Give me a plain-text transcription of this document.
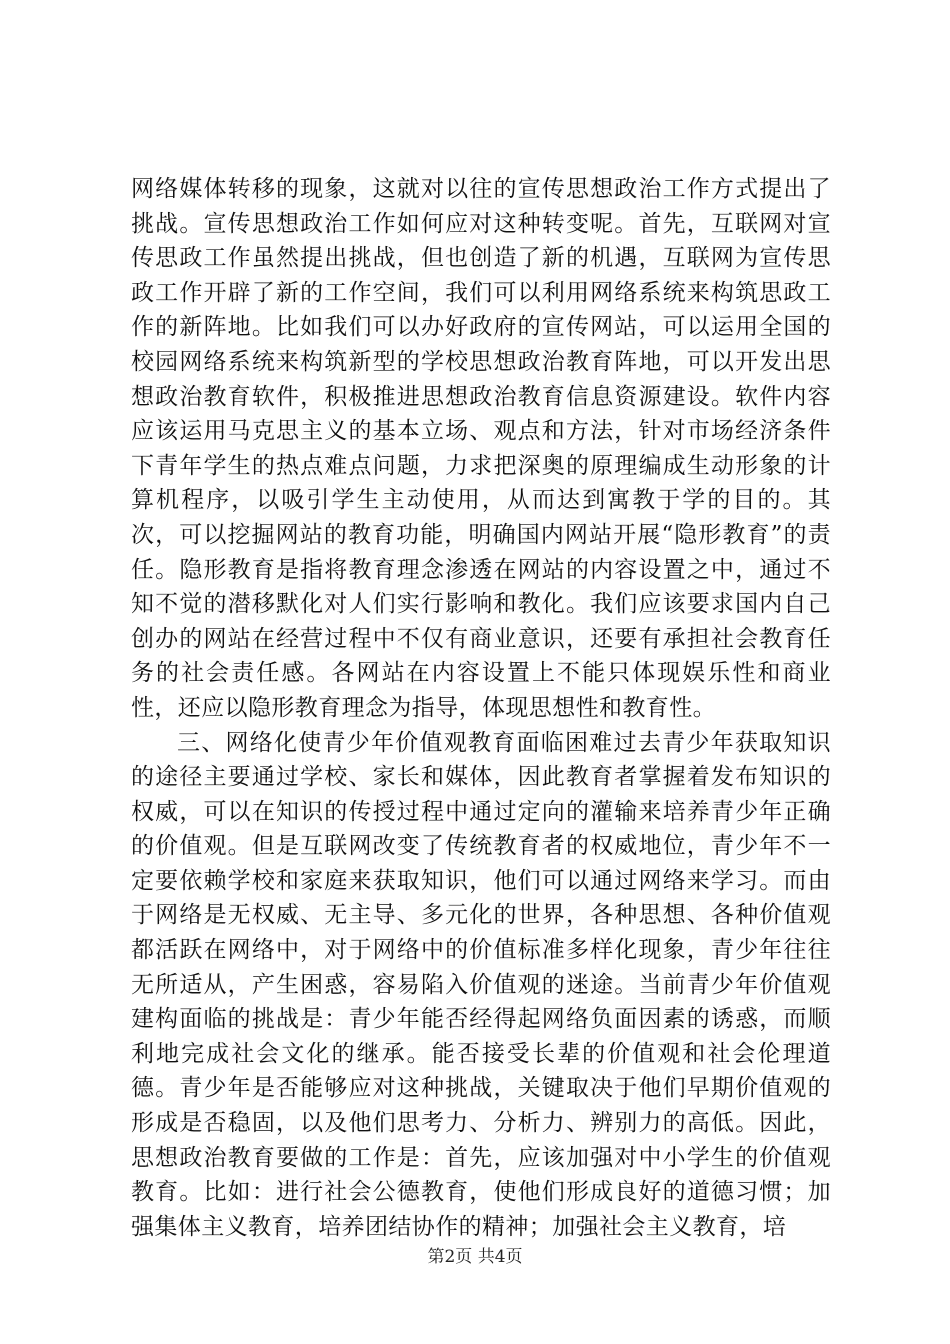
网络媒体转移的现象，这就对以往的宣传思想政治工作方式提出了挑战。宣传思想政治工作如何应对这种转变呢。首先，互联网对宣传思政工作虽然提出挑战，但也创造了新的机遇，互联网为宣传思政工作开辟了新的工作空间，我们可以利用网络系统来构筑思政工作的新阵地。比如我们可以办好政府的宣传网站，可以运用全国的校园网络系统来构筑新型的学校思想政治教育阵地，可以开发出思想政治教育软件，积极推进思想政治教育信息资源建设。软件内容应该运用马克思主义的基本立场、观点和方法，针对市场经济条件下青年学生的热点难点问题，力求把深奥的原理编成生动形象的计算机程序，以吸引学生主动使用，从而达到寓教于学的目的。其次，可以挖掘网站的教育功能，明确国内网站开展“隐形教育”的责任。隐形教育是指将教育理念渗透在网站的内容设置之中，通过不知不觉的潜移默化对人们实行影响和教化。我们应该要求国内自己创办的网站在经营过程中不仅有商业意识，还要有承担社会教育任务的社会责任感。各网站在内容设置上不能只体现娱乐性和商业性，还应以隐形教育理念为指导，体现思想性和教育性。

三、网络化使青少年价值观教育面临困难过去青少年获取知识的途径主要通过学校、家长和媒体，因此教育者掌握着发布知识的权威，可以在知识的传授过程中通过定向的灌输来培养青少年正确的价值观。但是互联网改变了传统教育者的权威地位，青少年不一定要依赖学校和家庭来获取知识，他们可以通过网络来学习。而由于网络是无权威、无主导、多元化的世界，各种思想、各种价值观都活跃在网络中，对于网络中的价值标准多样化现象，青少年往往无所适从，产生困惑，容易陷入价值观的迷途。当前青少年价值观建构面临的挑战是：青少年能否经得起网络负面因素的诱惑，而顺利地完成社会文化的继承。能否接受长辈的价值观和社会伦理道德。青少年是否能够应对这种挑战，关键取决于他们早期价值观的形成是否稳固，以及他们思考力、分析力、辨别力的高低。因此，思想政治教育要做的工作是：首先，应该加强对中小学生的价值观教育。比如：进行社会公德教育，使他们形成良好的道德习惯；加强集体主义教育，培养团结协作的精神；加强社会主义教育，培

第2页 共4页
